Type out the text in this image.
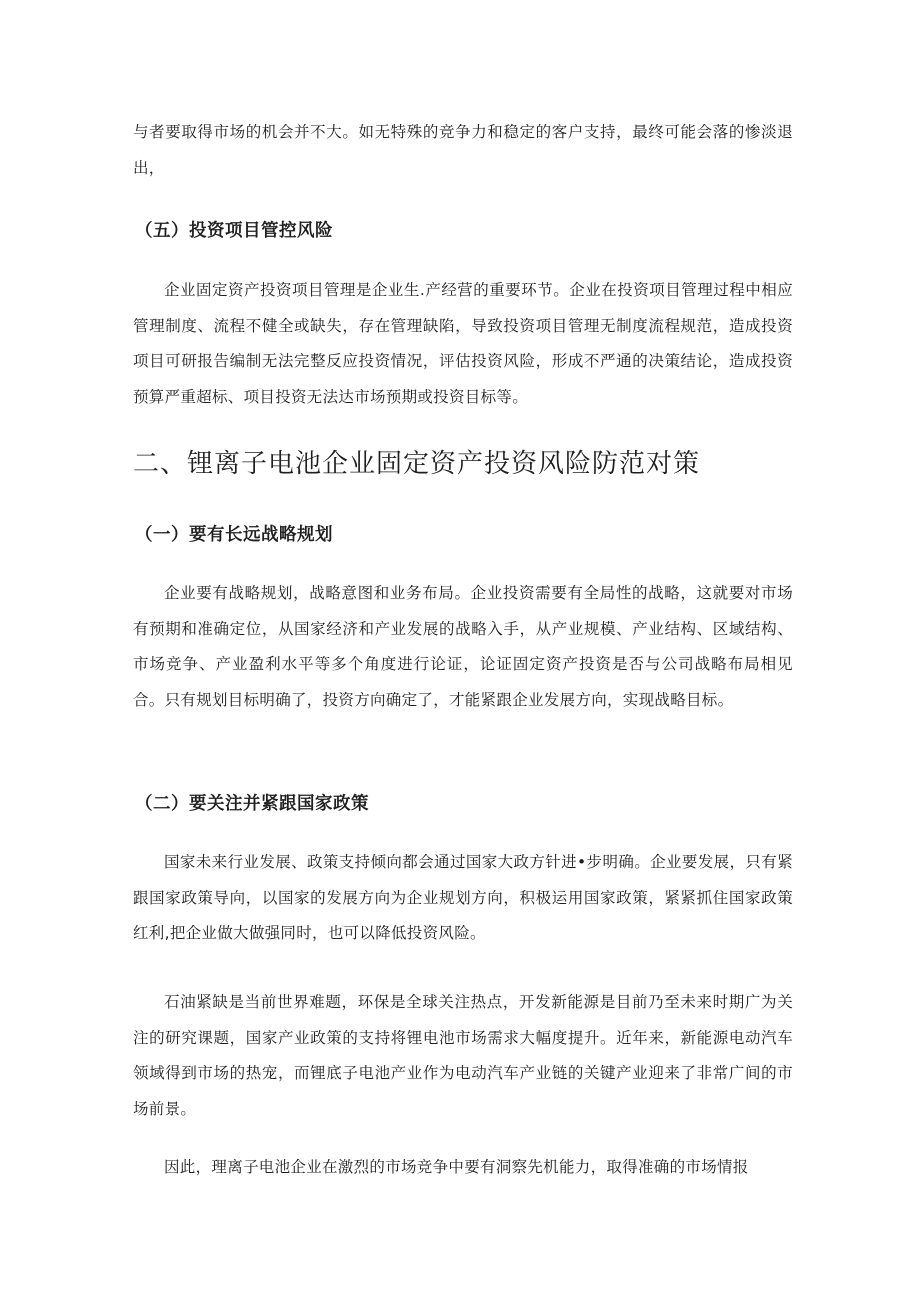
与者要取得市场的机会并不大。如无特殊的竞争力和稳定的客户支持，最终可能会落的惨淡退出，

（五）投资项目管控风险

企业固定资产投资项目管理是企业生.产经营的重要环节。企业在投资项目管理过程中相应管理制度、流程不健全或缺失，存在管理缺陷，导致投资项目管理无制度流程规范，造成投资项目可研报告编制无法完整反应投资情况，评估投资风险，形成不严通的决策结论，造成投资预算严重超标、项目投资无法达市场预期或投资目标等。

二、锂离子电池企业固定资产投资风险防范对策
（一）要有长远战略规划

企业要有战略规划，战略意图和业务布局。企业投资需要有全局性的战略，这就要对市场有预期和准确定位，从国家经济和产业发展的战略入手，从产业规模、产业结构、区域结构、市场竞争、产业盈利水平等多个角度进行论证，论证固定资产投资是否与公司战略布局相见合。只有规划目标明确了，投资方向确定了，才能紧跟企业发展方向，实现战略目标。

（二）要关注并紧跟国家政策

国家未来行业发展、政策支持倾向都会通过国家大政方针进•步明确。企业要发展，只有紧跟国家政策导向，以国家的发展方向为企业规划方向，积极运用国家政策，紧紧抓住国家政策红利,把企业做大做强同时，也可以降低投资风险。

石油紧缺是当前世界难题，环保是全球关注热点，开发新能源是目前乃至未来时期广为关注的研究课题，国家产业政策的支持将锂电池市场需求大幅度提升。近年来，新能源电动汽车领域得到市场的热宠，而锂底子电池产业作为电动汽车产业链的关键产业迎来了非常广间的市场前景。

因此，理离子电池企业在激烈的市场竞争中要有洞察先机能力，取得准确的市场情报
